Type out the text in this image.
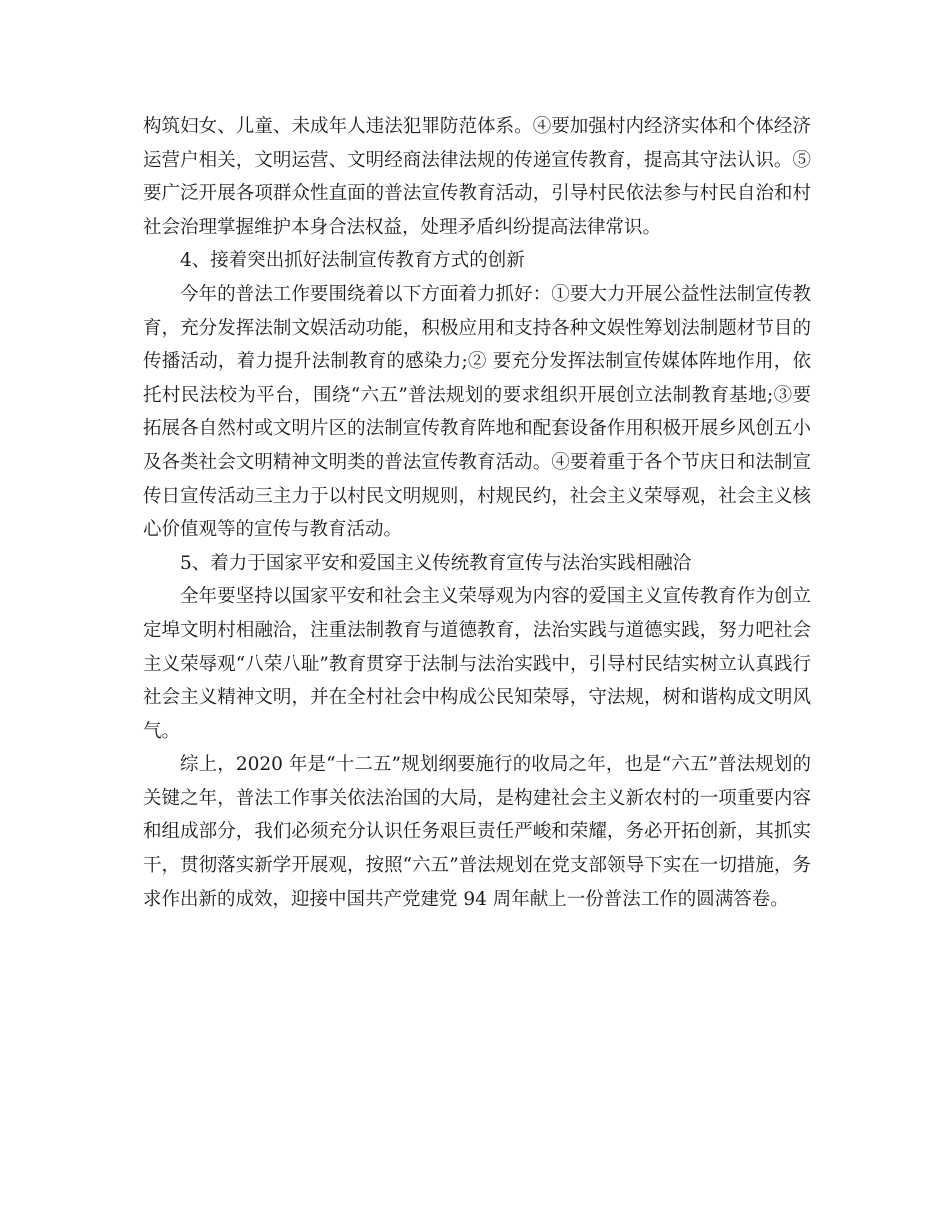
构筑妇女、儿童、未成年人违法犯罪防范体系。④要加强村内经济实体和个体经济运营户相关，文明运营、文明经商法律法规的传递宣传教育，提高其守法认识。⑤要广泛开展各项群众性直面的普法宣传教育活动，引导村民依法参与村民自治和村社会治理掌握维护本身合法权益，处理矛盾纠纷提高法律常识。

4、接着突出抓好法制宣传教育方式的创新

今年的普法工作要围绕着以下方面着力抓好：①要大力开展公益性法制宣传教育，充分发挥法制文娱活动功能，积极应用和支持各种文娱性筹划法制题材节目的传播活动，着力提升法制教育的感染力;② 要充分发挥法制宣传媒体阵地作用，依托村民法校为平台，围绕“六五”普法规划的要求组织开展创立法制教育基地;③要拓展各自然村或文明片区的法制宣传教育阵地和配套设备作用积极开展乡风创五小及各类社会文明精神文明类的普法宣传教育活动。④要着重于各个节庆日和法制宣传日宣传活动三主力于以村民文明规则，村规民约，社会主义荣辱观，社会主义核心价值观等的宣传与教育活动。

5、着力于国家平安和爱国主义传统教育宣传与法治实践相融洽

全年要坚持以国家平安和社会主义荣辱观为内容的爱国主义宣传教育作为创立定埠文明村相融洽，注重法制教育与道德教育，法治实践与道德实践，努力吧社会主义荣辱观“八荣八耻”教育贯穿于法制与法治实践中，引导村民结实树立认真践行社会主义精神文明，并在全村社会中构成公民知荣辱，守法规，树和谐构成文明风气。

综上，2020 年是“十二五”规划纲要施行的收局之年，也是“六五”普法规划的关键之年，普法工作事关依法治国的大局，是构建社会主义新农村的一项重要内容和组成部分，我们必须充分认识任务艰巨责任严峻和荣耀，务必开拓创新，其抓实干，贯彻落实新学开展观，按照“六五”普法规划在党支部领导下实在一切措施，务求作出新的成效，迎接中国共产党建党 94 周年献上一份普法工作的圆满答卷。
